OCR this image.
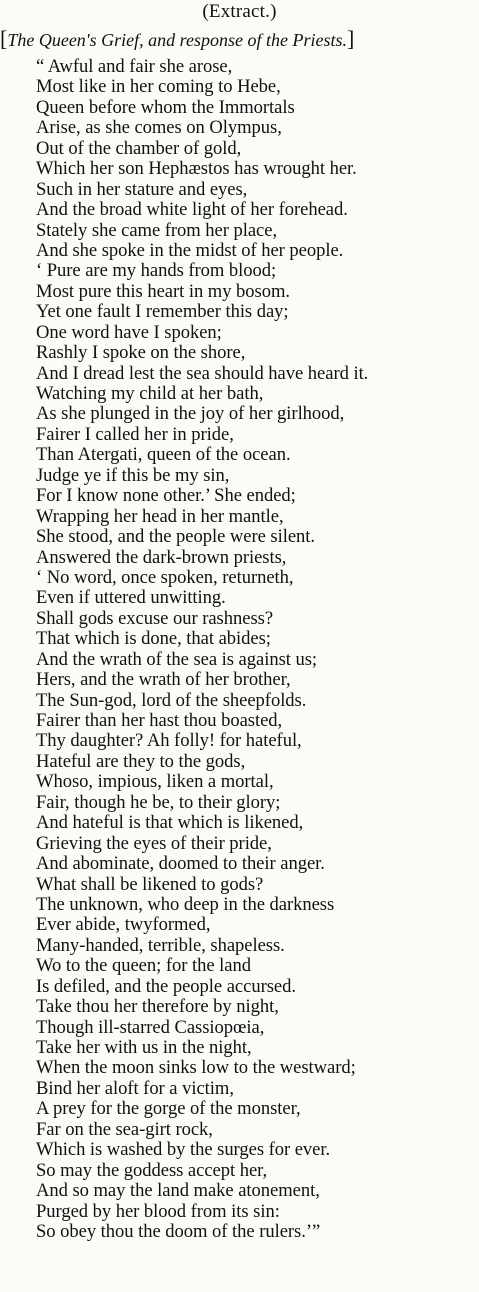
(Extract.)
[The Queen's Grief, and response of the Priests.]
“ Awful and fair she arose,
Most like in her coming to Hebe,
Queen before whom the Immortals
Arise, as she comes on Olympus,
Out of the chamber of gold,
Which her son Hephæstos has wrought her.
Such in her stature and eyes,
And the broad white light of her forehead.
Stately she came from her place,
And she spoke in the midst of her people.
‘ Pure are my hands from blood;
Most pure this heart in my bosom.
Yet one fault I remember this day;
One word have I spoken;
Rashly I spoke on the shore,
And I dread lest the sea should have heard it.
Watching my child at her bath,
As she plunged in the joy of her girlhood,
Fairer I called her in pride,
Than Atergati, queen of the ocean.
Judge ye if this be my sin,
For I know none other.’ She ended;
Wrapping her head in her mantle,
She stood, and the people were silent.
Answered the dark-brown priests,
‘ No word, once spoken, returneth,
Even if uttered unwitting.
Shall gods excuse our rashness?
That which is done, that abides;
And the wrath of the sea is against us;
Hers, and the wrath of her brother,
The Sun-god, lord of the sheepfolds.
Fairer than her hast thou boasted,
Thy daughter? Ah folly! for hateful,
Hateful are they to the gods,
Whoso, impious, liken a mortal,
Fair, though he be, to their glory;
And hateful is that which is likened,
Grieving the eyes of their pride,
And abominate, doomed to their anger.
What shall be likened to gods?
The unknown, who deep in the darkness
Ever abide, twyformed,
Many-handed, terrible, shapeless.
Wo to the queen; for the land
Is defiled, and the people accursed.
Take thou her therefore by night,
Though ill-starred Cassiopœia,
Take her with us in the night,
When the moon sinks low to the westward;
Bind her aloft for a victim,
A prey for the gorge of the monster,
Far on the sea-girt rock,
Which is washed by the surges for ever.
So may the goddess accept her,
And so may the land make atonement,
Purged by her blood from its sin:
So obey thou the doom of the rulers.’”
